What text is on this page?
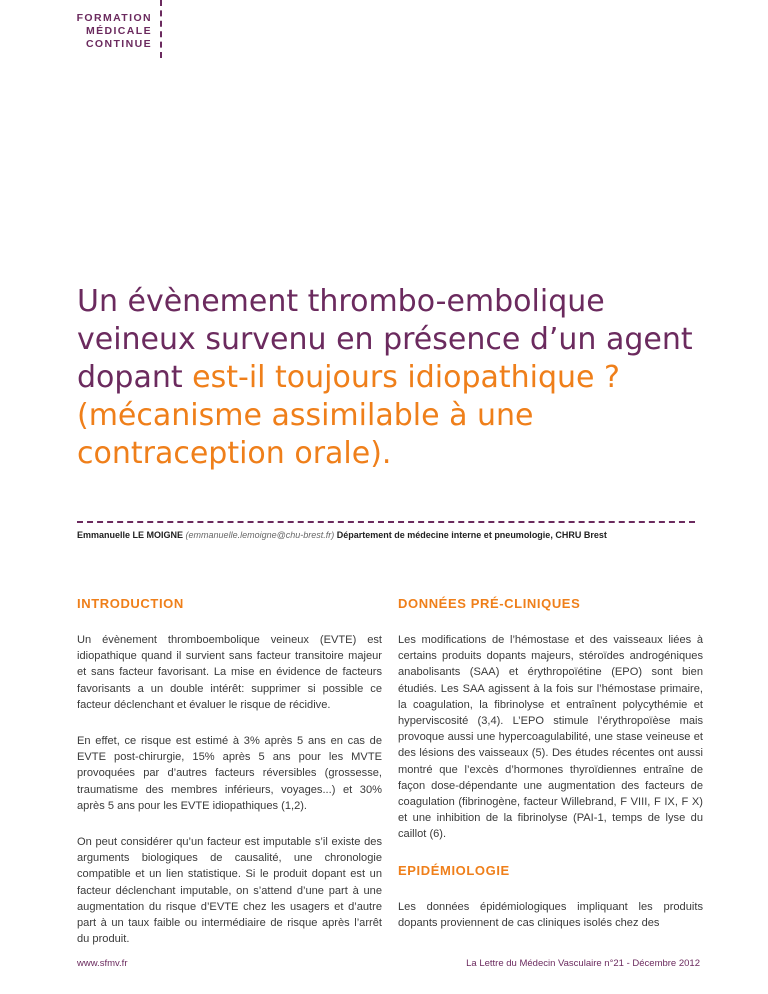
FORMATION
MÉDICALE
CONTINUE
Un évènement thrombo-embolique veineux survenu en présence d’un agent dopant est-il toujours idiopathique ? (mécanisme assimilable à une contraception orale).
Emmanuelle LE MOIGNE (emmanuelle.lemoigne@chu-brest.fr) Département de médecine interne et pneumologie, CHRU Brest
INTRODUCTION

Un évènement thromboembolique veineux (EVTE) est idiopathique quand il survient sans facteur transitoire majeur et sans facteur favorisant. La mise en évidence de facteurs favorisants a un double intérêt: supprimer si possible ce facteur déclenchant et évaluer le risque de récidive.

En effet, ce risque est estimé à 3% après 5 ans en cas de EVTE post-chirurgie, 15% après 5 ans pour les MVTE provoquées par d’autres facteurs réversibles (grossesse, traumatisme des membres inférieurs, voyages...) et 30% après 5 ans pour les EVTE idiopathiques (1,2).

On peut considérer qu’un facteur est imputable s’il existe des arguments biologiques de causalité, une chronologie compatible et un lien statistique. Si le produit dopant est un facteur déclenchant imputable, on s’attend d’une part à une augmentation du risque d’EVTE chez les usagers et d’autre part à un taux faible ou intermédiaire de risque après l’arrêt du produit.

DONNÉES PRÉ-CLINIQUES

Les modifications de l’hémostase et des vaisseaux liées à certains produits dopants majeurs, stéroïdes androgéniques anabolisants (SAA) et érythropoïétine (EPO) sont bien étudiés. Les SAA agissent à la fois sur l’hémostase primaire, la coagulation, la fibrinolyse et entraînent polycythémie et hyperviscosité (3,4). L’EPO stimule l’érythropoïèse mais provoque aussi une hypercoagulabilité, une stase veineuse et des lésions des vaisseaux (5). Des études récentes ont aussi montré que l’excès d’hormones thyroïdiennes entraîne de façon dose-dépendante une augmentation des facteurs de coagulation (fibrinogène, facteur Willebrand, F VIII, F IX, F X) et une inhibition de la fibrinolyse (PAI-1, temps de lyse du caillot (6).

EPIDÉMIOLOGIE

Les données épidémiologiques impliquant les produits dopants proviennent de cas cliniques isolés chez des

www.sfmv.fr	La Lettre du Médecin Vasculaire n°21 - Décembre 2012
